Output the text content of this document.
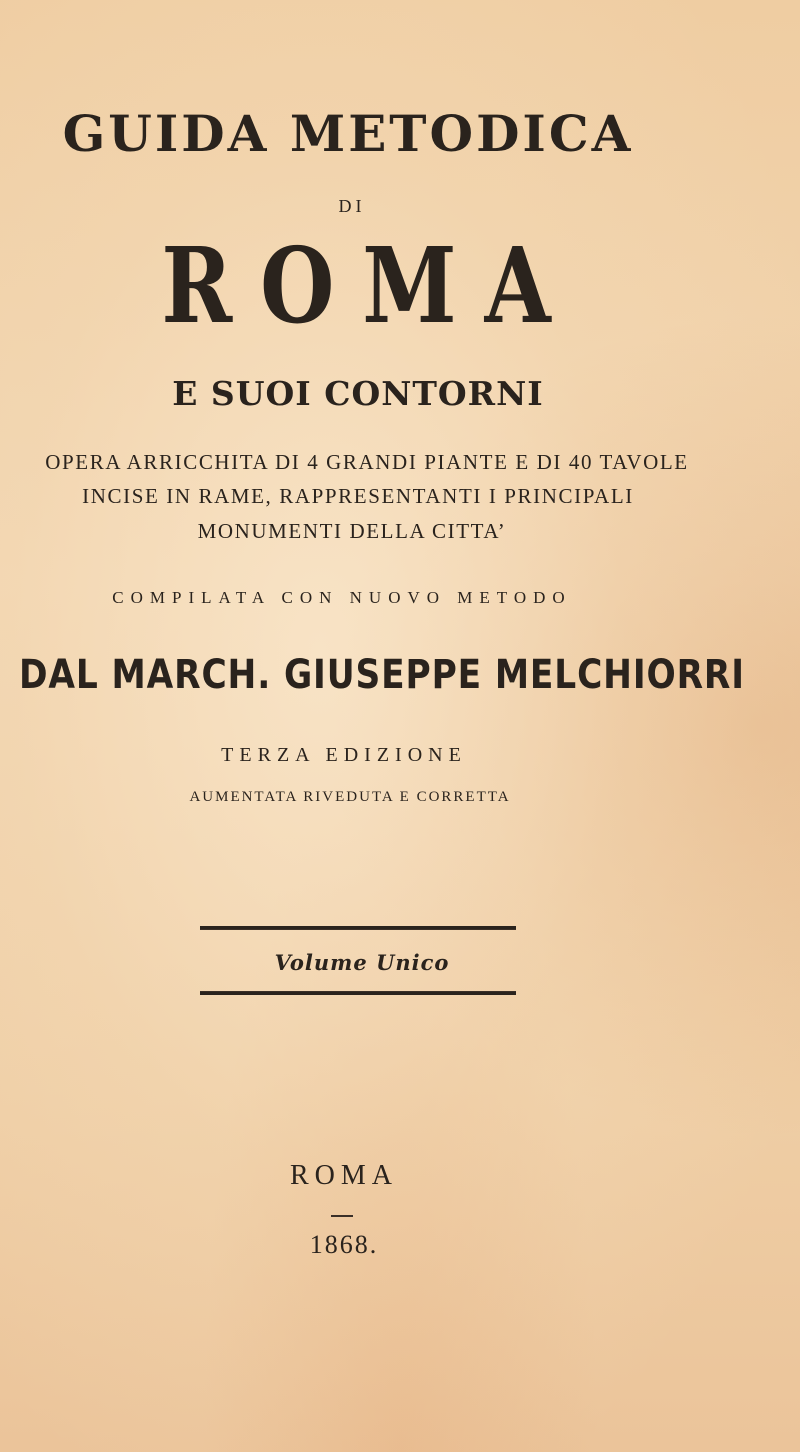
GUIDA METODICA
DI
ROMA
E SUOI CONTORNI
OPERA ARRICCHITA DI 4 GRANDI PIANTE E DI 40 TAVOLE
INCISE IN RAME, RAPPRESENTANTI I PRINCIPALI
MONUMENTI DELLA CITTA’
COMPILATA CON NUOVO METODO
DAL MARCH. GIUSEPPE MELCHIORRI
TERZA EDIZIONE
AUMENTATA RIVEDUTA E CORRETTA
Volume Unico
ROMA
1868.
